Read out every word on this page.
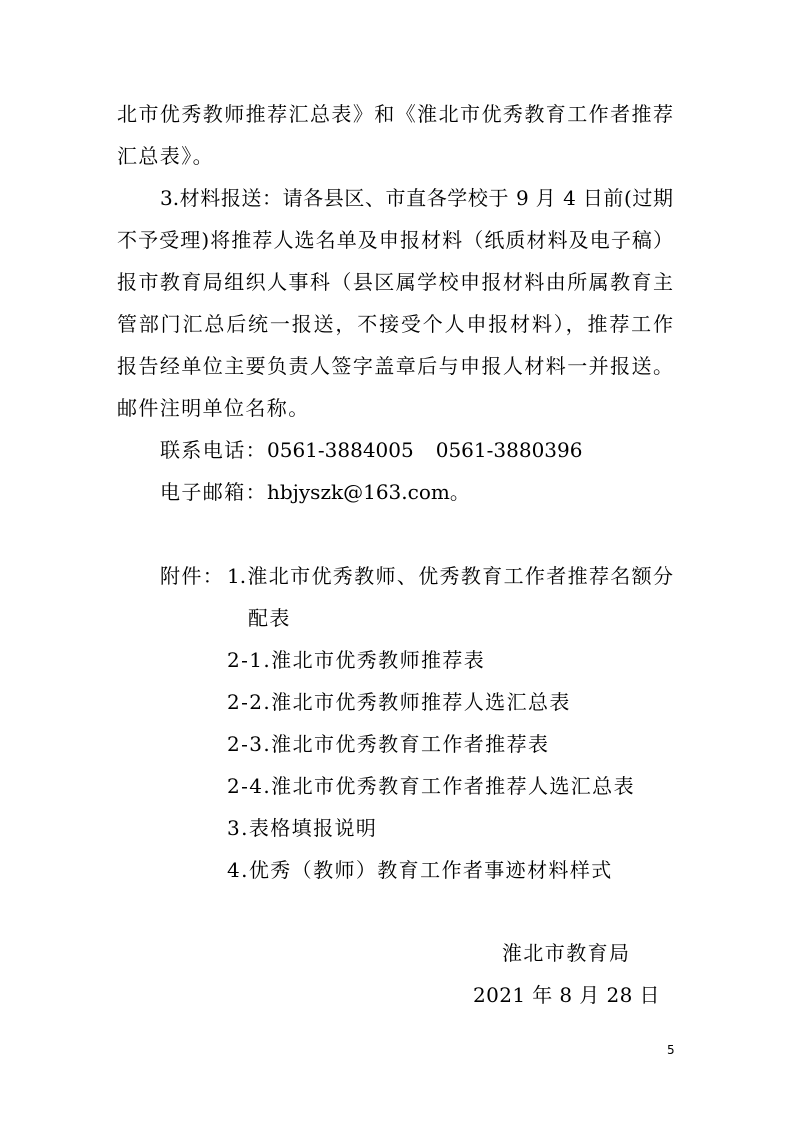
北市优秀教师推荐汇总表》和《淮北市优秀教育工作者推荐
汇总表》。
3.材料报送：请各县区、市直各学校于 9 月 4 日前(过期
不予受理)将推荐人选名单及申报材料（纸质材料及电子稿）
报市教育局组织人事科（县区属学校申报材料由所属教育主
管部门汇总后统一报送，不接受个人申报材料），推荐工作
报告经单位主要负责人签字盖章后与申报人材料一并报送。
邮件注明单位名称。
联系电话：0561-3884005 0561-3880396
电子邮箱：hbjyszk@163.com。
附件： 1.淮北市优秀教师、优秀教育工作者推荐名额分
配表
2-1.淮北市优秀教师推荐表
2-2.淮北市优秀教师推荐人选汇总表
2-3.淮北市优秀教育工作者推荐表
2-4.淮北市优秀教育工作者推荐人选汇总表
3.表格填报说明
4.优秀（教师）教育工作者事迹材料样式
淮北市教育局
2021 年 8 月 28 日
5
